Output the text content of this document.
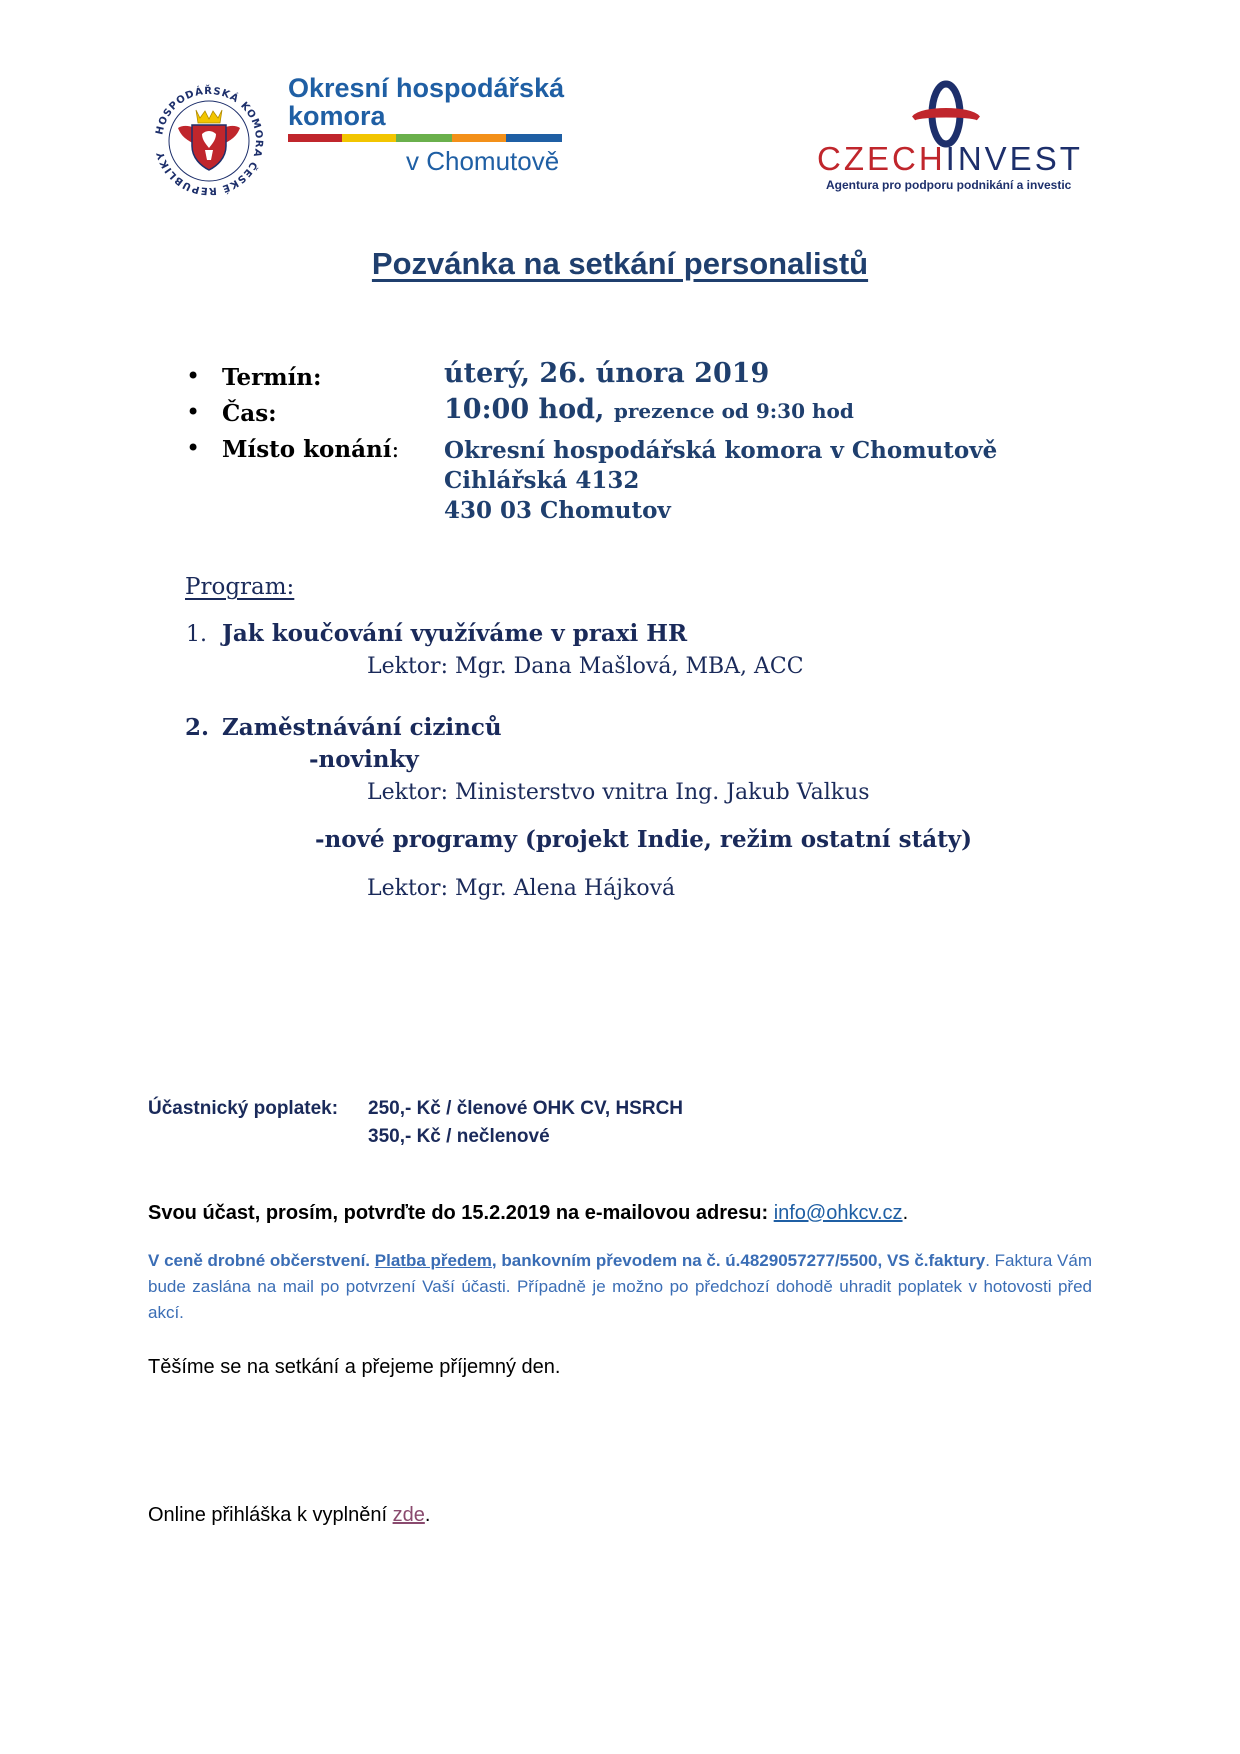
HOSPODÁŘSKÁ KOMORA ČESKÉ REPUBLIKY
Okresní hospodářská
komora
v Chomutově	CZECHINVEST
Agentura pro podporu podnikání a investic
Pozvánka na setkání personalistů
• Termín:	úterý, 26. února 2019
• Čas:	10:00 hod, prezence od 9:30 hod
• Místo konání: Okresní hospodářská komora v Chomutově
Cihlářská 4132
430 03 Chomutov
Program:
1. Jak koučování využíváme v praxi HR
Lektor: Mgr. Dana Mašlová, MBA, ACC
2. Zaměstnávání cizinců
-novinky
Lektor: Ministerstvo vnitra Ing. Jakub Valkus
-nové programy (projekt Indie, režim ostatní státy)
Lektor: Mgr. Alena Hájková
Účastnický poplatek: 250,- Kč / členové OHK CV, HSRCH
350,- Kč / nečlenové
Svou účast, prosím, potvrďte do 15.2.2019 na e-mailovou adresu: info@ohkcv.cz.
V ceně drobné občerstvení. Platba předem, bankovním převodem na č. ú.4829057277/5500, VS č.faktury. Faktura Vám bude zaslána na mail po potvrzení Vaší účasti. Případně je možno po předchozí dohodě uhradit poplatek v hotovosti před akcí.
Těšíme se na setkání a přejeme příjemný den.
Online přihláška k vyplnění zde.
